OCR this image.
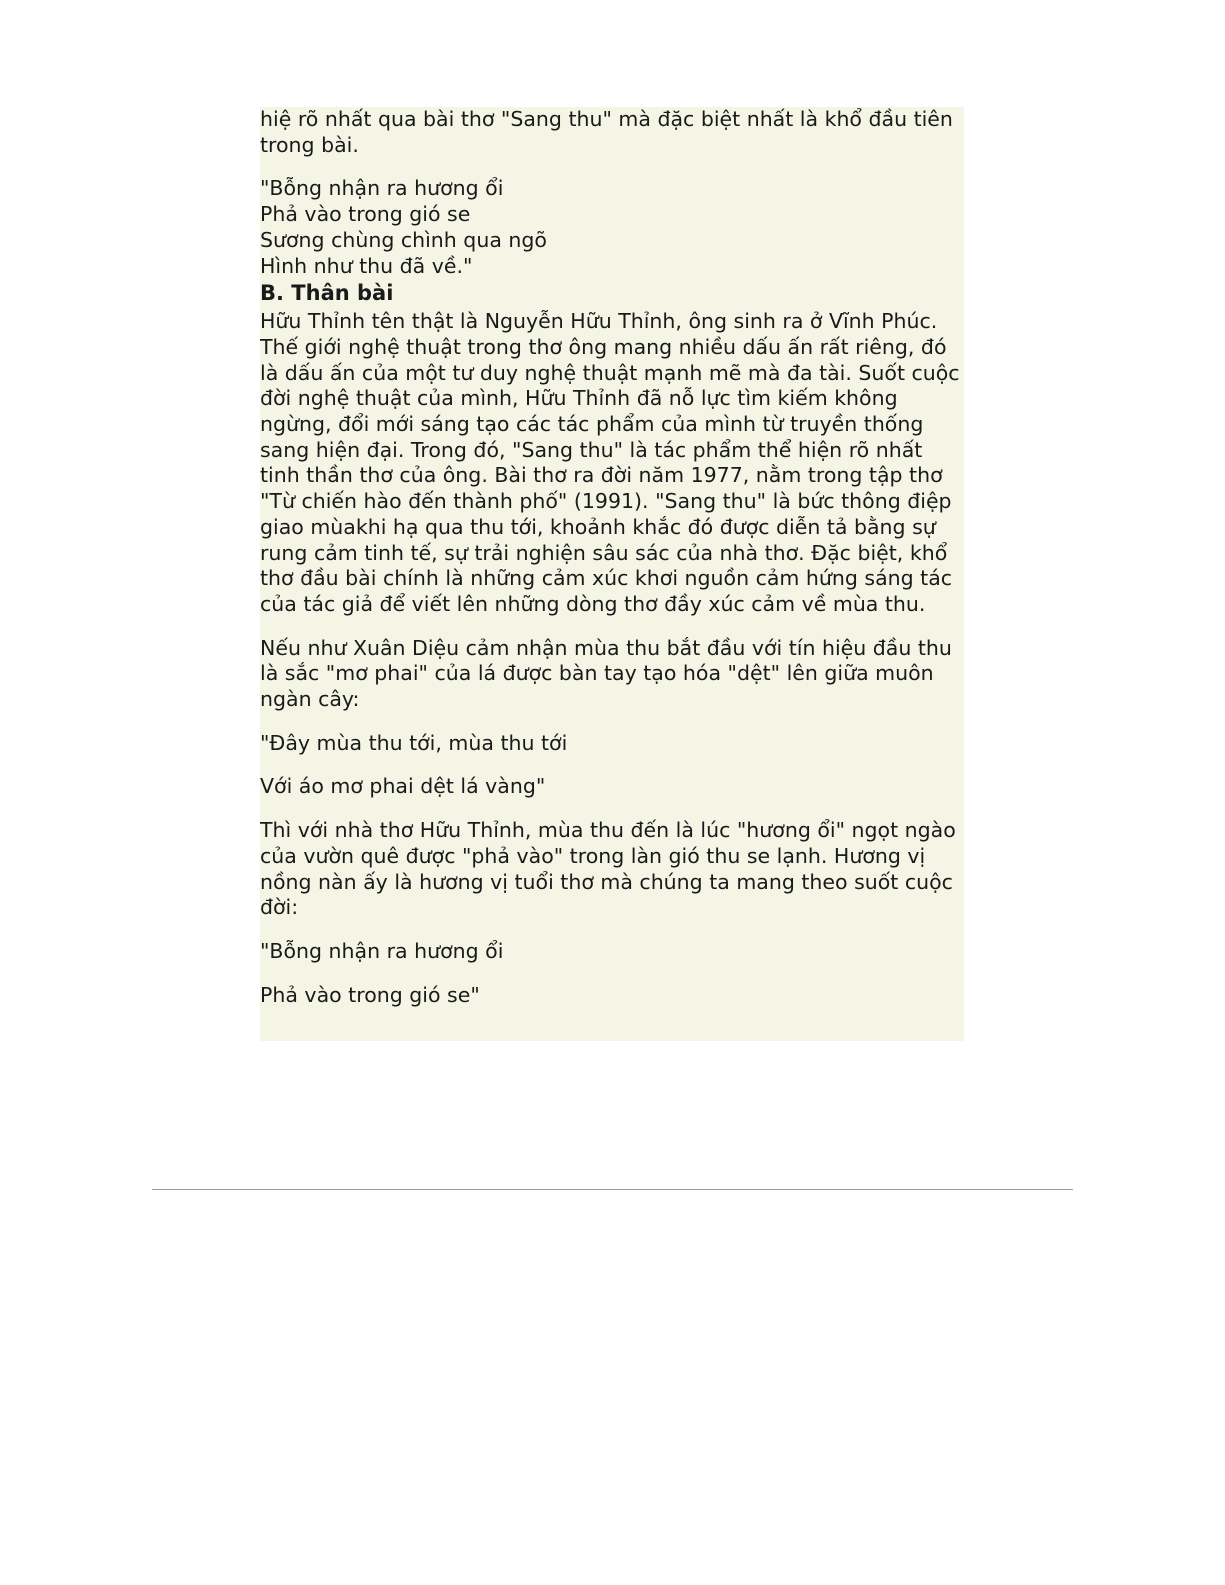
hiệ rõ nhất qua bài thơ "Sang thu" mà đặc biệt nhất là khổ đầu tiên trong bài.

"Bỗng nhận ra hương ổi
Phả vào trong gió se
Sương chùng chình qua ngõ
Hình như thu đã về."

B. Thân bài

Hữu Thỉnh tên thật là Nguyễn Hữu Thỉnh, ông sinh ra ở Vĩnh Phúc. Thế giới nghệ thuật trong thơ ông mang nhiều dấu ấn rất riêng, đó là dấu ấn của một tư duy nghệ thuật mạnh mẽ mà đa tài. Suốt cuộc đời nghệ thuật của mình, Hữu Thỉnh đã nỗ lực tìm kiếm không ngừng, đổi mới sáng tạo các tác phẩm của mình từ truyền thống sang hiện đại. Trong đó, "Sang thu" là tác phẩm thể hiện rõ nhất tinh thần thơ của ông. Bài thơ ra đời năm 1977, nằm trong tập thơ "Từ chiến hào đến thành phố" (1991). "Sang thu" là bức thông điệp giao mùakhi hạ qua thu tới, khoảnh khắc đó được diễn tả bằng sự rung cảm tinh tế, sự trải nghiện sâu sác của nhà thơ. Đặc biệt, khổ thơ đầu bài chính là những cảm xúc khơi nguồn cảm hứng sáng tác của tác giả để viết lên những dòng thơ đầy xúc cảm về mùa thu.

Nếu như Xuân Diệu cảm nhận mùa thu bắt đầu với tín hiệu đầu thu là sắc "mơ phai" của lá được bàn tay tạo hóa "dệt" lên giữa muôn ngàn cây:

"Đây mùa thu tới, mùa thu tới

Với áo mơ phai dệt lá vàng"

Thì với nhà thơ Hữu Thỉnh, mùa thu đến là lúc "hương ổi" ngọt ngào của vườn quê được "phả vào" trong làn gió thu se lạnh. Hương vị nồng nàn ấy là hương vị tuổi thơ mà chúng ta mang theo suốt cuộc đời:

"Bỗng nhận ra hương ổi

Phả vào trong gió se"
